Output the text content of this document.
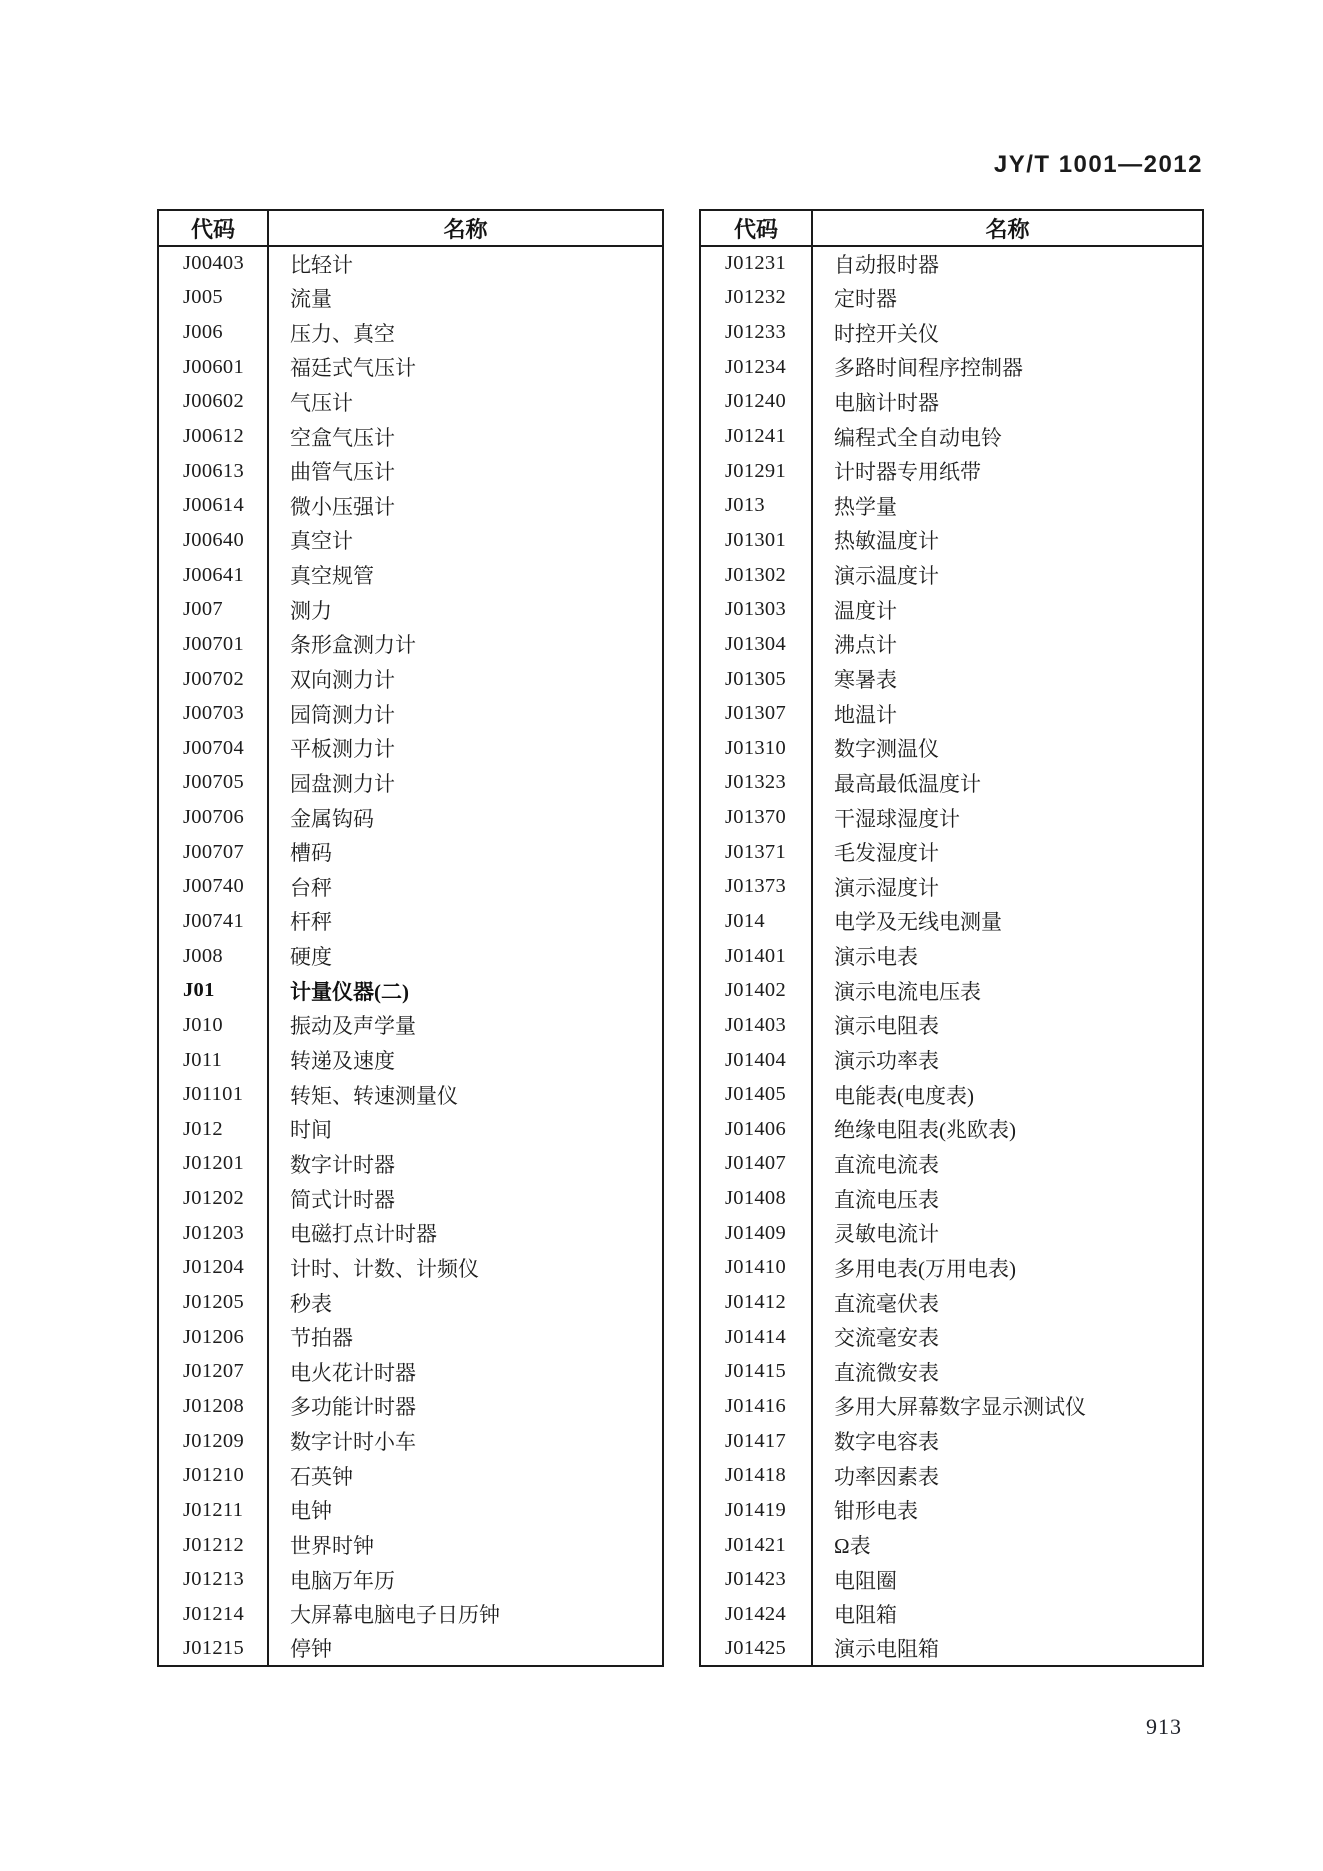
JY/T 1001—2012
代码	名称
J00403	比轻计
J005	流量
J006	压力、真空
J00601	福廷式气压计
J00602	气压计
J00612	空盒气压计
J00613	曲管气压计
J00614	微小压强计
J00640	真空计
J00641	真空规管
J007	测力
J00701	条形盒测力计
J00702	双向测力计
J00703	园筒测力计
J00704	平板测力计
J00705	园盘测力计
J00706	金属钩码
J00707	槽码
J00740	台秤
J00741	杆秤
J008	硬度
J01	计量仪器(二)
J010	振动及声学量
J011	转递及速度
J01101	转矩、转速测量仪
J012	时间
J01201	数字计时器
J01202	简式计时器
J01203	电磁打点计时器
J01204	计时、计数、计频仪
J01205	秒表
J01206	节拍器
J01207	电火花计时器
J01208	多功能计时器
J01209	数字计时小车
J01210	石英钟
J01211	电钟
J01212	世界时钟
J01213	电脑万年历
J01214	大屏幕电脑电子日历钟
J01215	停钟
代码	名称
J01231	自动报时器
J01232	定时器
J01233	时控开关仪
J01234	多路时间程序控制器
J01240	电脑计时器
J01241	编程式全自动电铃
J01291	计时器专用纸带
J013	热学量
J01301	热敏温度计
J01302	演示温度计
J01303	温度计
J01304	沸点计
J01305	寒暑表
J01307	地温计
J01310	数字测温仪
J01323	最高最低温度计
J01370	干湿球湿度计
J01371	毛发湿度计
J01373	演示湿度计
J014	电学及无线电测量
J01401	演示电表
J01402	演示电流电压表
J01403	演示电阻表
J01404	演示功率表
J01405	电能表(电度表)
J01406	绝缘电阻表(兆欧表)
J01407	直流电流表
J01408	直流电压表
J01409	灵敏电流计
J01410	多用电表(万用电表)
J01412	直流毫伏表
J01414	交流毫安表
J01415	直流微安表
J01416	多用大屏幕数字显示测试仪
J01417	数字电容表
J01418	功率因素表
J01419	钳形电表
J01421	Ω表
J01423	电阻圈
J01424	电阻箱
J01425	演示电阻箱
913
